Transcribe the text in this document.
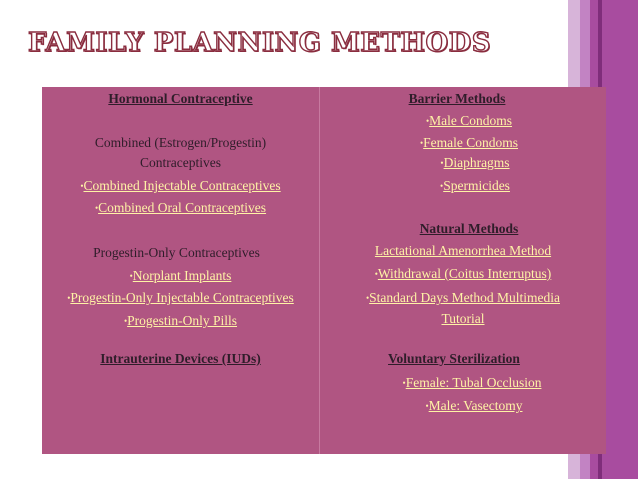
FAMILY PLANNING METHODS
Hormonal Contraceptive
Combined (Estrogen/Progestin)
Contraceptives
•Combined Injectable Contraceptives
•Combined Oral Contraceptives
Progestin-Only Contraceptives
•Norplant Implants
•Progestin-Only Injectable Contraceptives
•Progestin-Only Pills
Intrauterine Devices (IUDs)
Barrier Methods
•Male Condoms
•Female Condoms
•Diaphragms
•Spermicides
Natural Methods
Lactational Amenorrhea Method
•Withdrawal (Coitus Interruptus)
•Standard Days Method Multimedia
Tutorial
Voluntary Sterilization
•Female: Tubal Occlusion
•Male: Vasectomy
